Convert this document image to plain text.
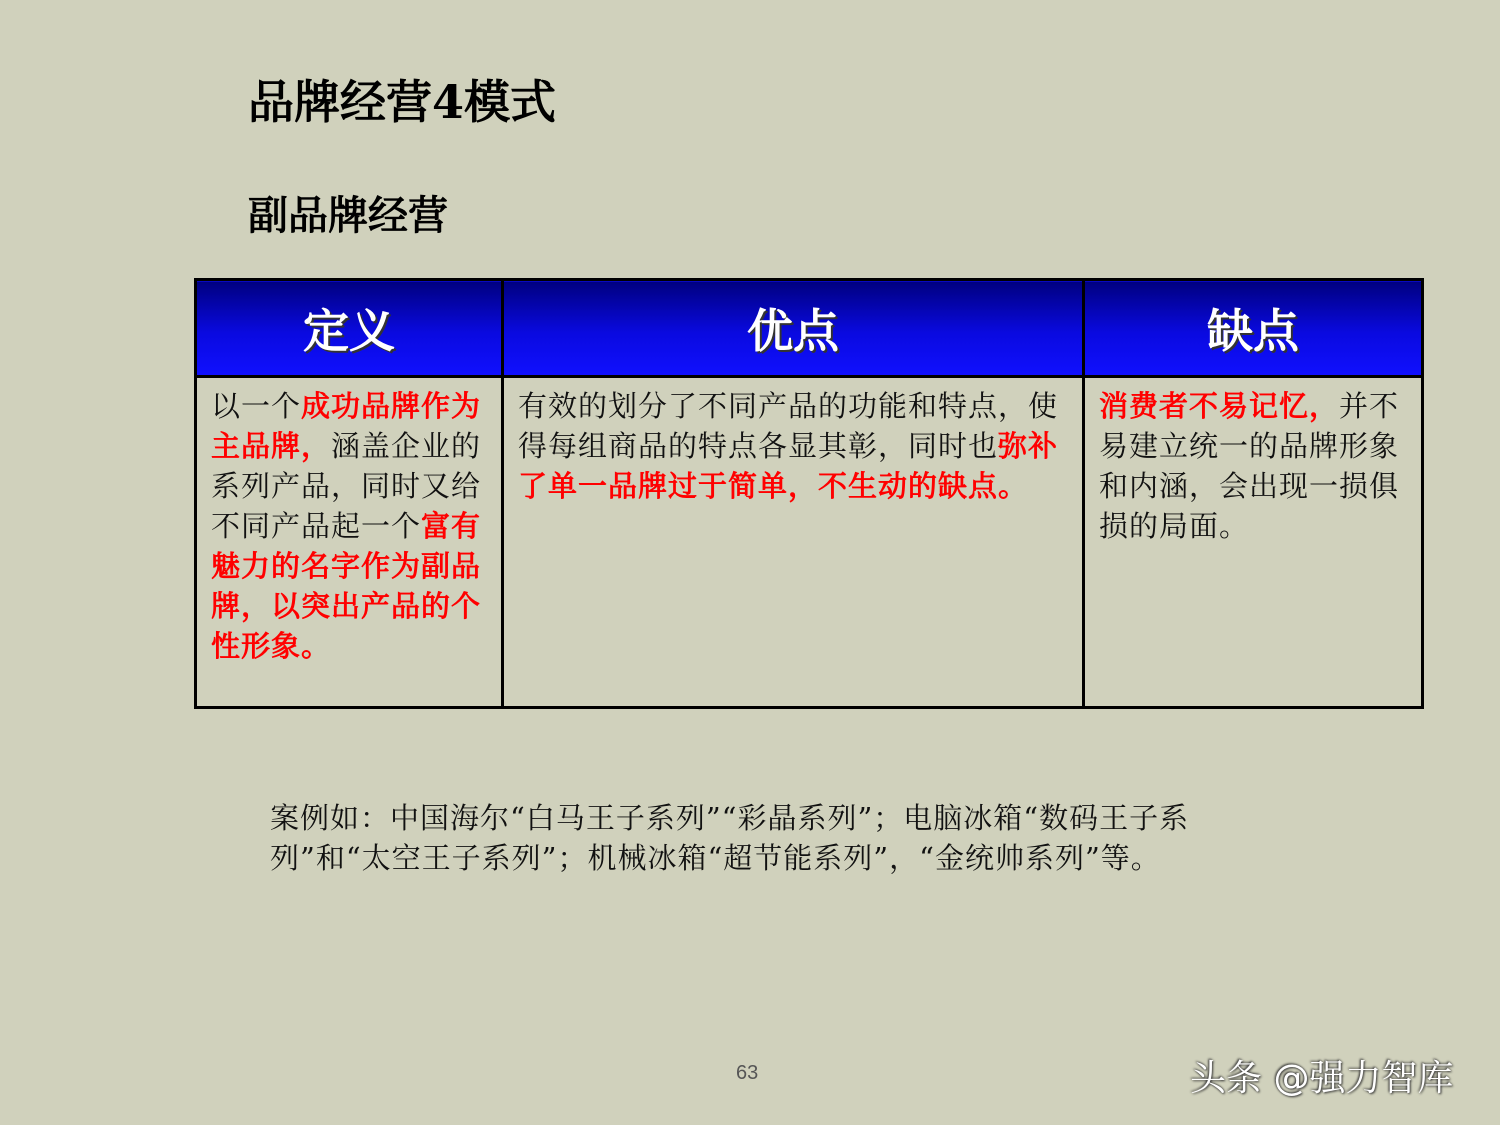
品牌经营4模式
副品牌经营
定义	优点	缺点
以一个成功品牌作为主品牌，涵盖企业的系列产品，同时又给不同产品起一个富有魅力的名字作为副品牌，以突出产品的个性形象。	有效的划分了不同产品的功能和特点，使得每组商品的特点各显其彰，同时也弥补了单一品牌过于简单，不生动的缺点。	消费者不易记忆，并不易建立统一的品牌形象和内涵，会出现一损俱损的局面。
案例如：中国海尔“白马王子系列”“彩晶系列”；电脑冰箱“数码王子系列”和“太空王子系列”；机械冰箱“超节能系列”，“金统帅系列”等。
63	头条 @强力智库
